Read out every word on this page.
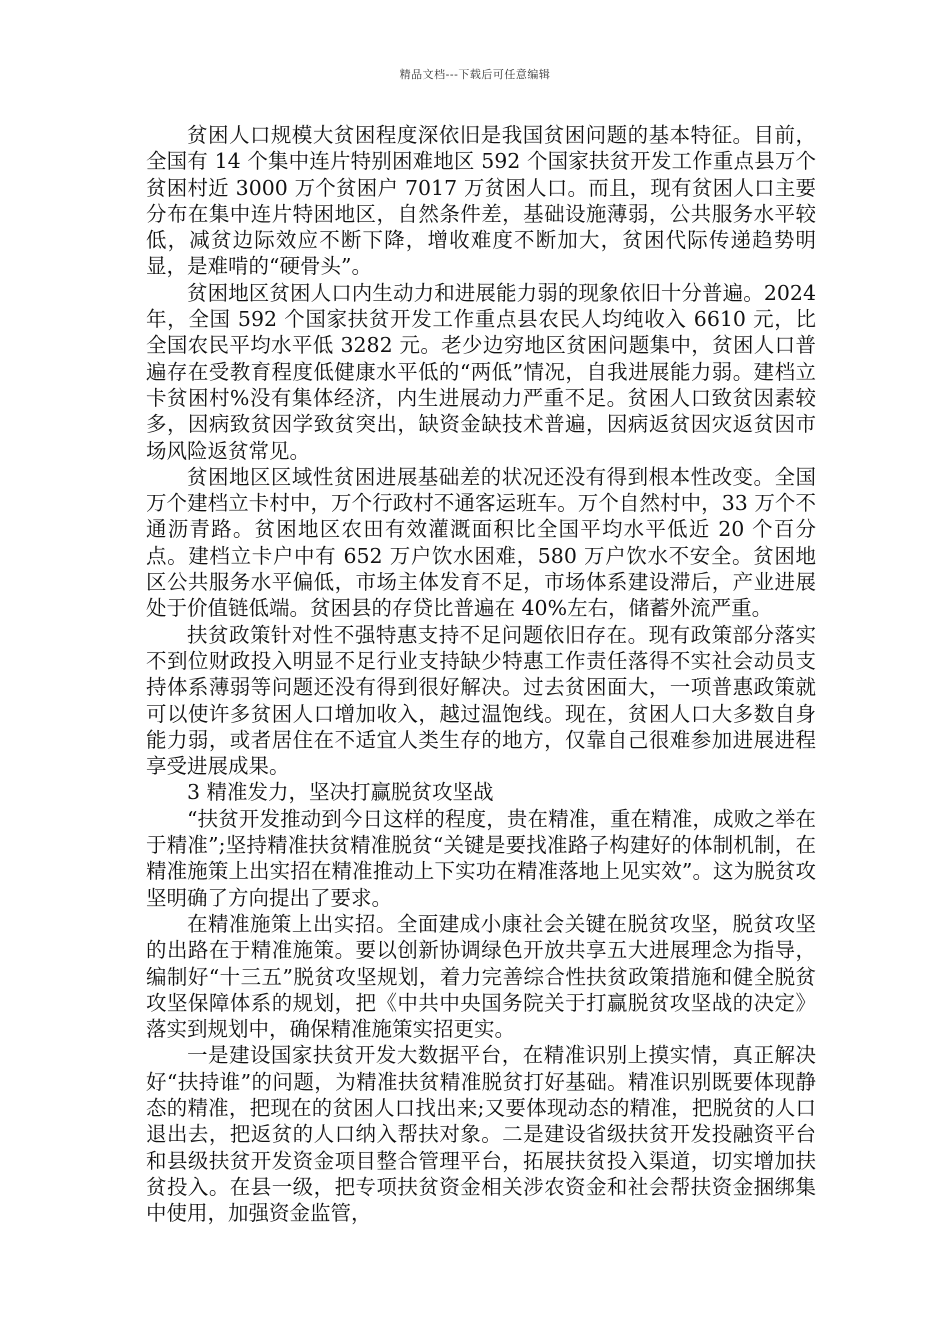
精品文档---下载后可任意编辑

贫困人口规模大贫困程度深依旧是我国贫困问题的基本特征。目前，全国有 14 个集中连片特别困难地区 592 个国家扶贫开发工作重点县万个贫困村近 3000 万个贫困户 7017 万贫困人口。而且，现有贫困人口主要分布在集中连片特困地区，自然条件差，基础设施薄弱，公共服务水平较低，减贫边际效应不断下降，增收难度不断加大，贫困代际传递趋势明显，是难啃的“硬骨头”。

贫困地区贫困人口内生动力和进展能力弱的现象依旧十分普遍。2024 年，全国 592 个国家扶贫开发工作重点县农民人均纯收入 6610 元，比全国农民平均水平低 3282 元。老少边穷地区贫困问题集中，贫困人口普遍存在受教育程度低健康水平低的“两低”情况，自我进展能力弱。建档立卡贫困村%没有集体经济，内生进展动力严重不足。贫困人口致贫因素较多，因病致贫因学致贫突出，缺资金缺技术普遍，因病返贫因灾返贫因市场风险返贫常见。

贫困地区区域性贫困进展基础差的状况还没有得到根本性改变。全国万个建档立卡村中，万个行政村不通客运班车。万个自然村中，33 万个不通沥青路。贫困地区农田有效灌溉面积比全国平均水平低近 20 个百分点。建档立卡户中有 652 万户饮水困难，580 万户饮水不安全。贫困地区公共服务水平偏低，市场主体发育不足，市场体系建设滞后，产业进展处于价值链低端。贫困县的存贷比普遍在 40%左右，储蓄外流严重。

扶贫政策针对性不强特惠支持不足问题依旧存在。现有政策部分落实不到位财政投入明显不足行业支持缺少特惠工作责任落得不实社会动员支持体系薄弱等问题还没有得到很好解决。过去贫困面大，一项普惠政策就可以使许多贫困人口增加收入，越过温饱线。现在，贫困人口大多数自身能力弱，或者居住在不适宜人类生存的地方，仅靠自己很难参加进展进程享受进展成果。

3 精准发力，坚决打赢脱贫攻坚战

“扶贫开发推动到今日这样的程度，贵在精准，重在精准，成败之举在于精准”;坚持精准扶贫精准脱贫“关键是要找准路子构建好的体制机制，在精准施策上出实招在精准推动上下实功在精准落地上见实效”。这为脱贫攻坚明确了方向提出了要求。

在精准施策上出实招。全面建成小康社会关键在脱贫攻坚，脱贫攻坚的出路在于精准施策。要以创新协调绿色开放共享五大进展理念为指导，编制好“十三五”脱贫攻坚规划，着力完善综合性扶贫政策措施和健全脱贫攻坚保障体系的规划，把《中共中央国务院关于打赢脱贫攻坚战的决定》落实到规划中，确保精准施策实招更实。

一是建设国家扶贫开发大数据平台，在精准识别上摸实情，真正解决好“扶持谁”的问题，为精准扶贫精准脱贫打好基础。精准识别既要体现静态的精准，把现在的贫困人口找出来;又要体现动态的精准，把脱贫的人口退出去，把返贫的人口纳入帮扶对象。二是建设省级扶贫开发投融资平台和县级扶贫开发资金项目整合管理平台，拓展扶贫投入渠道，切实增加扶贫投入。在县一级，把专项扶贫资金相关涉农资金和社会帮扶资金捆绑集中使用，加强资金监管，
